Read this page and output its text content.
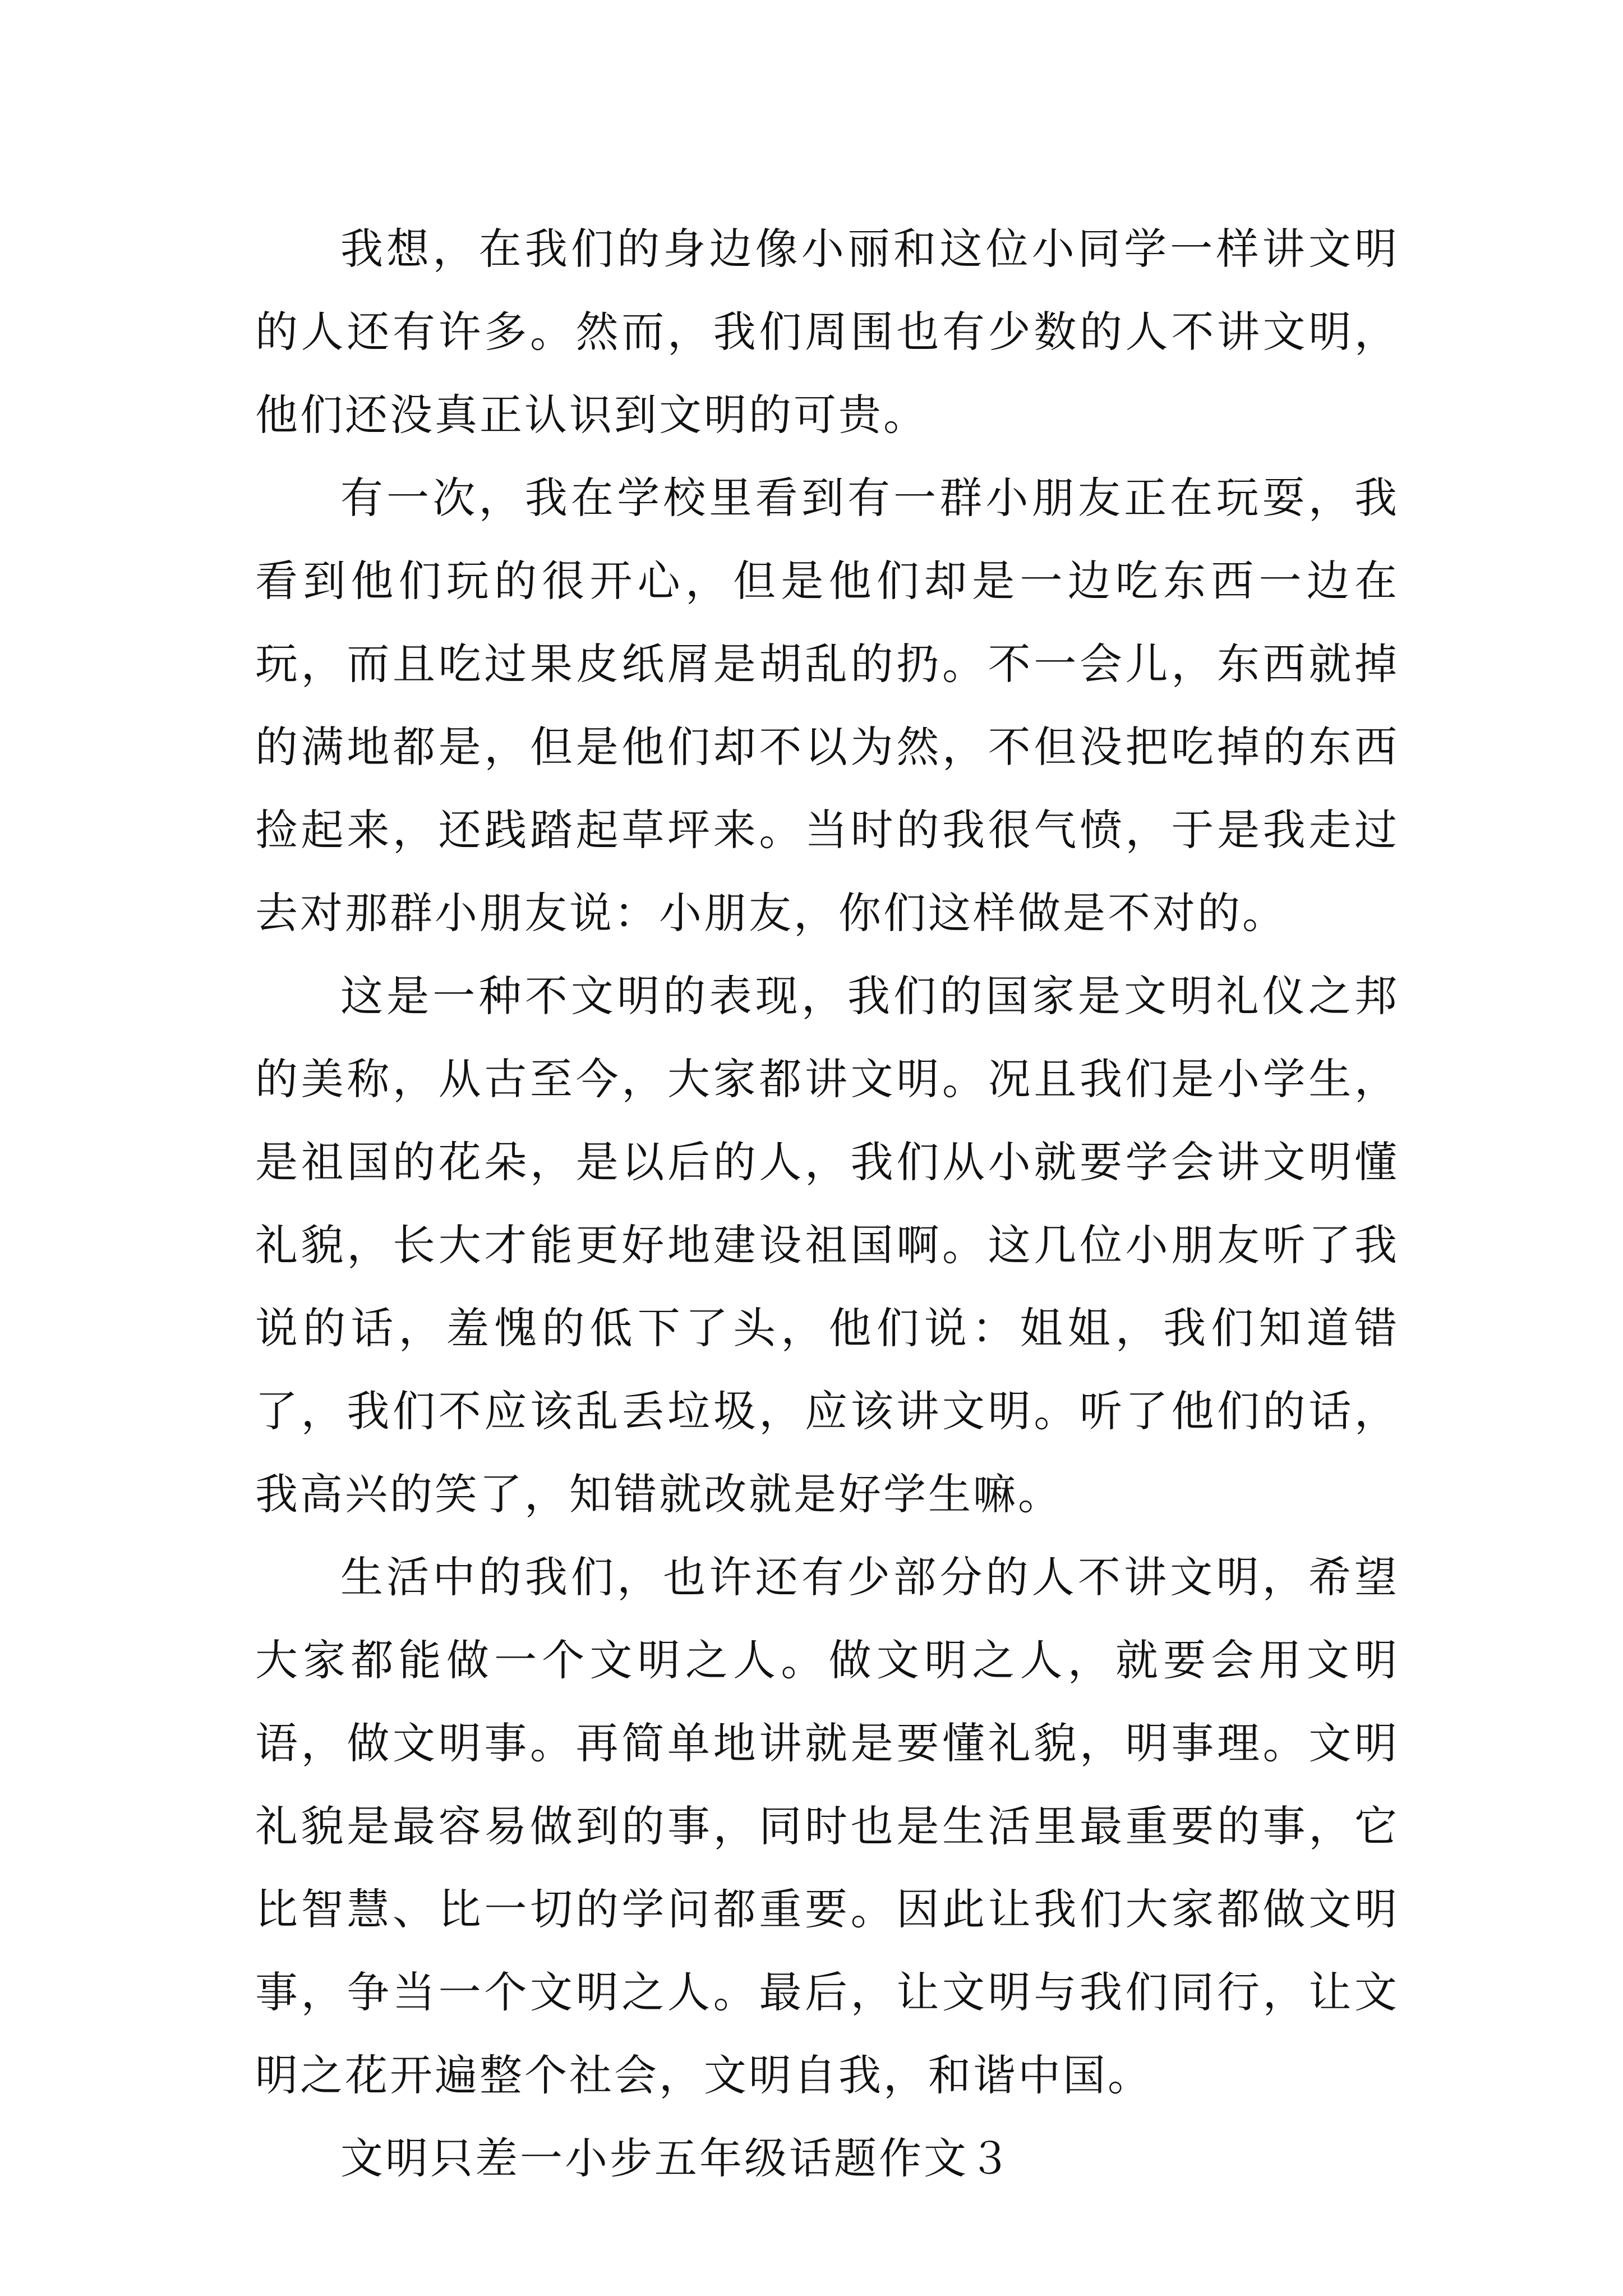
我想，在我们的身边像小丽和这位小同学一样讲文明的人还有许多。然而，我们周围也有少数的人不讲文明，他们还没真正认识到文明的可贵。

有一次，我在学校里看到有一群小朋友正在玩耍，我看到他们玩的很开心，但是他们却是一边吃东西一边在玩，而且吃过果皮纸屑是胡乱的扔。不一会儿，东西就掉的满地都是，但是他们却不以为然，不但没把吃掉的东西捡起来，还践踏起草坪来。当时的我很气愤，于是我走过去对那群小朋友说：小朋友，你们这样做是不对的。

这是一种不文明的表现，我们的国家是文明礼仪之邦的美称，从古至今，大家都讲文明。况且我们是小学生，是祖国的花朵，是以后的人，我们从小就要学会讲文明懂礼貌，长大才能更好地建设祖国啊。这几位小朋友听了我说的话，羞愧的低下了头，他们说：姐姐，我们知道错了，我们不应该乱丢垃圾，应该讲文明。听了他们的话，我高兴的笑了，知错就改就是好学生嘛。

生活中的我们，也许还有少部分的人不讲文明，希望大家都能做一个文明之人。做文明之人，就要会用文明语，做文明事。再简单地讲就是要懂礼貌，明事理。文明礼貌是最容易做到的事，同时也是生活里最重要的事，它比智慧、比一切的学问都重要。因此让我们大家都做文明事，争当一个文明之人。最后，让文明与我们同行，让文明之花开遍整个社会，文明自我，和谐中国。

文明只差一小步五年级话题作文３
